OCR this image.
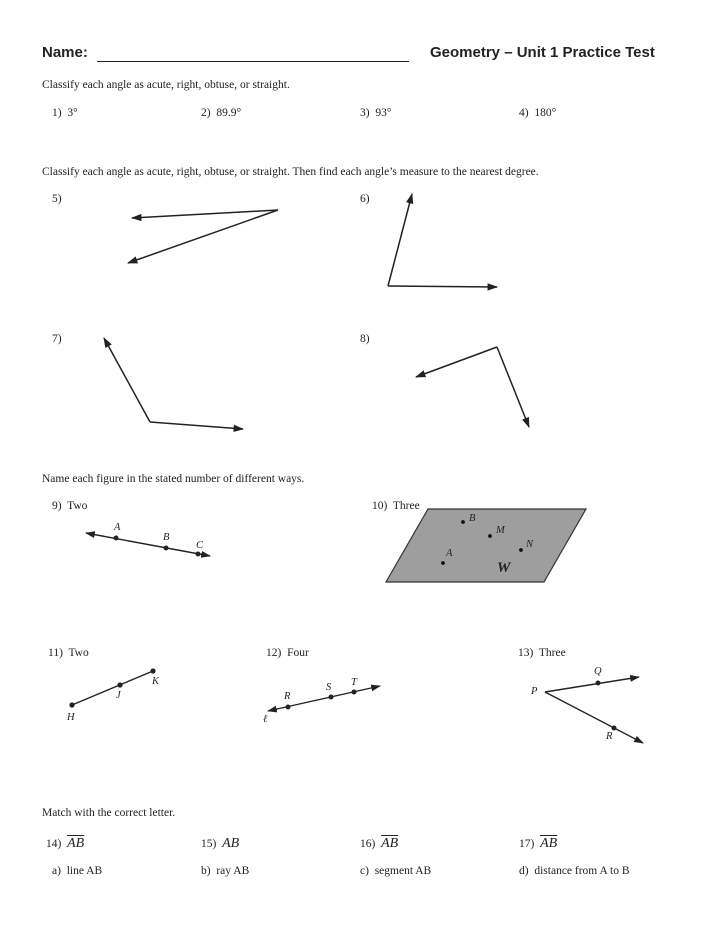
Name:	Geometry – Unit 1 Practice Test
Classify each angle as acute, right, obtuse, or straight.
1) 3°	2) 89.9°	3) 93°	4) 180°
Classify each angle as acute, right, obtuse, or straight. Then find each angle’s measure to the nearest degree.
5)	6)
7)	8)
Name each figure in the stated number of different ways.
9) Two	10) Three
11) Two	12) Four	13) Three
A
B
C
B
M
A
N
W
K
J
H
R
S T
ℓ
Q
P
R
Match with the correct letter.
14) $\overline{AB}$	15) AB	16) $\overline{AB}$	17) $\overline{AB}$
a) line AB	b) ray AB	c) segment AB	d) distance from A to B
